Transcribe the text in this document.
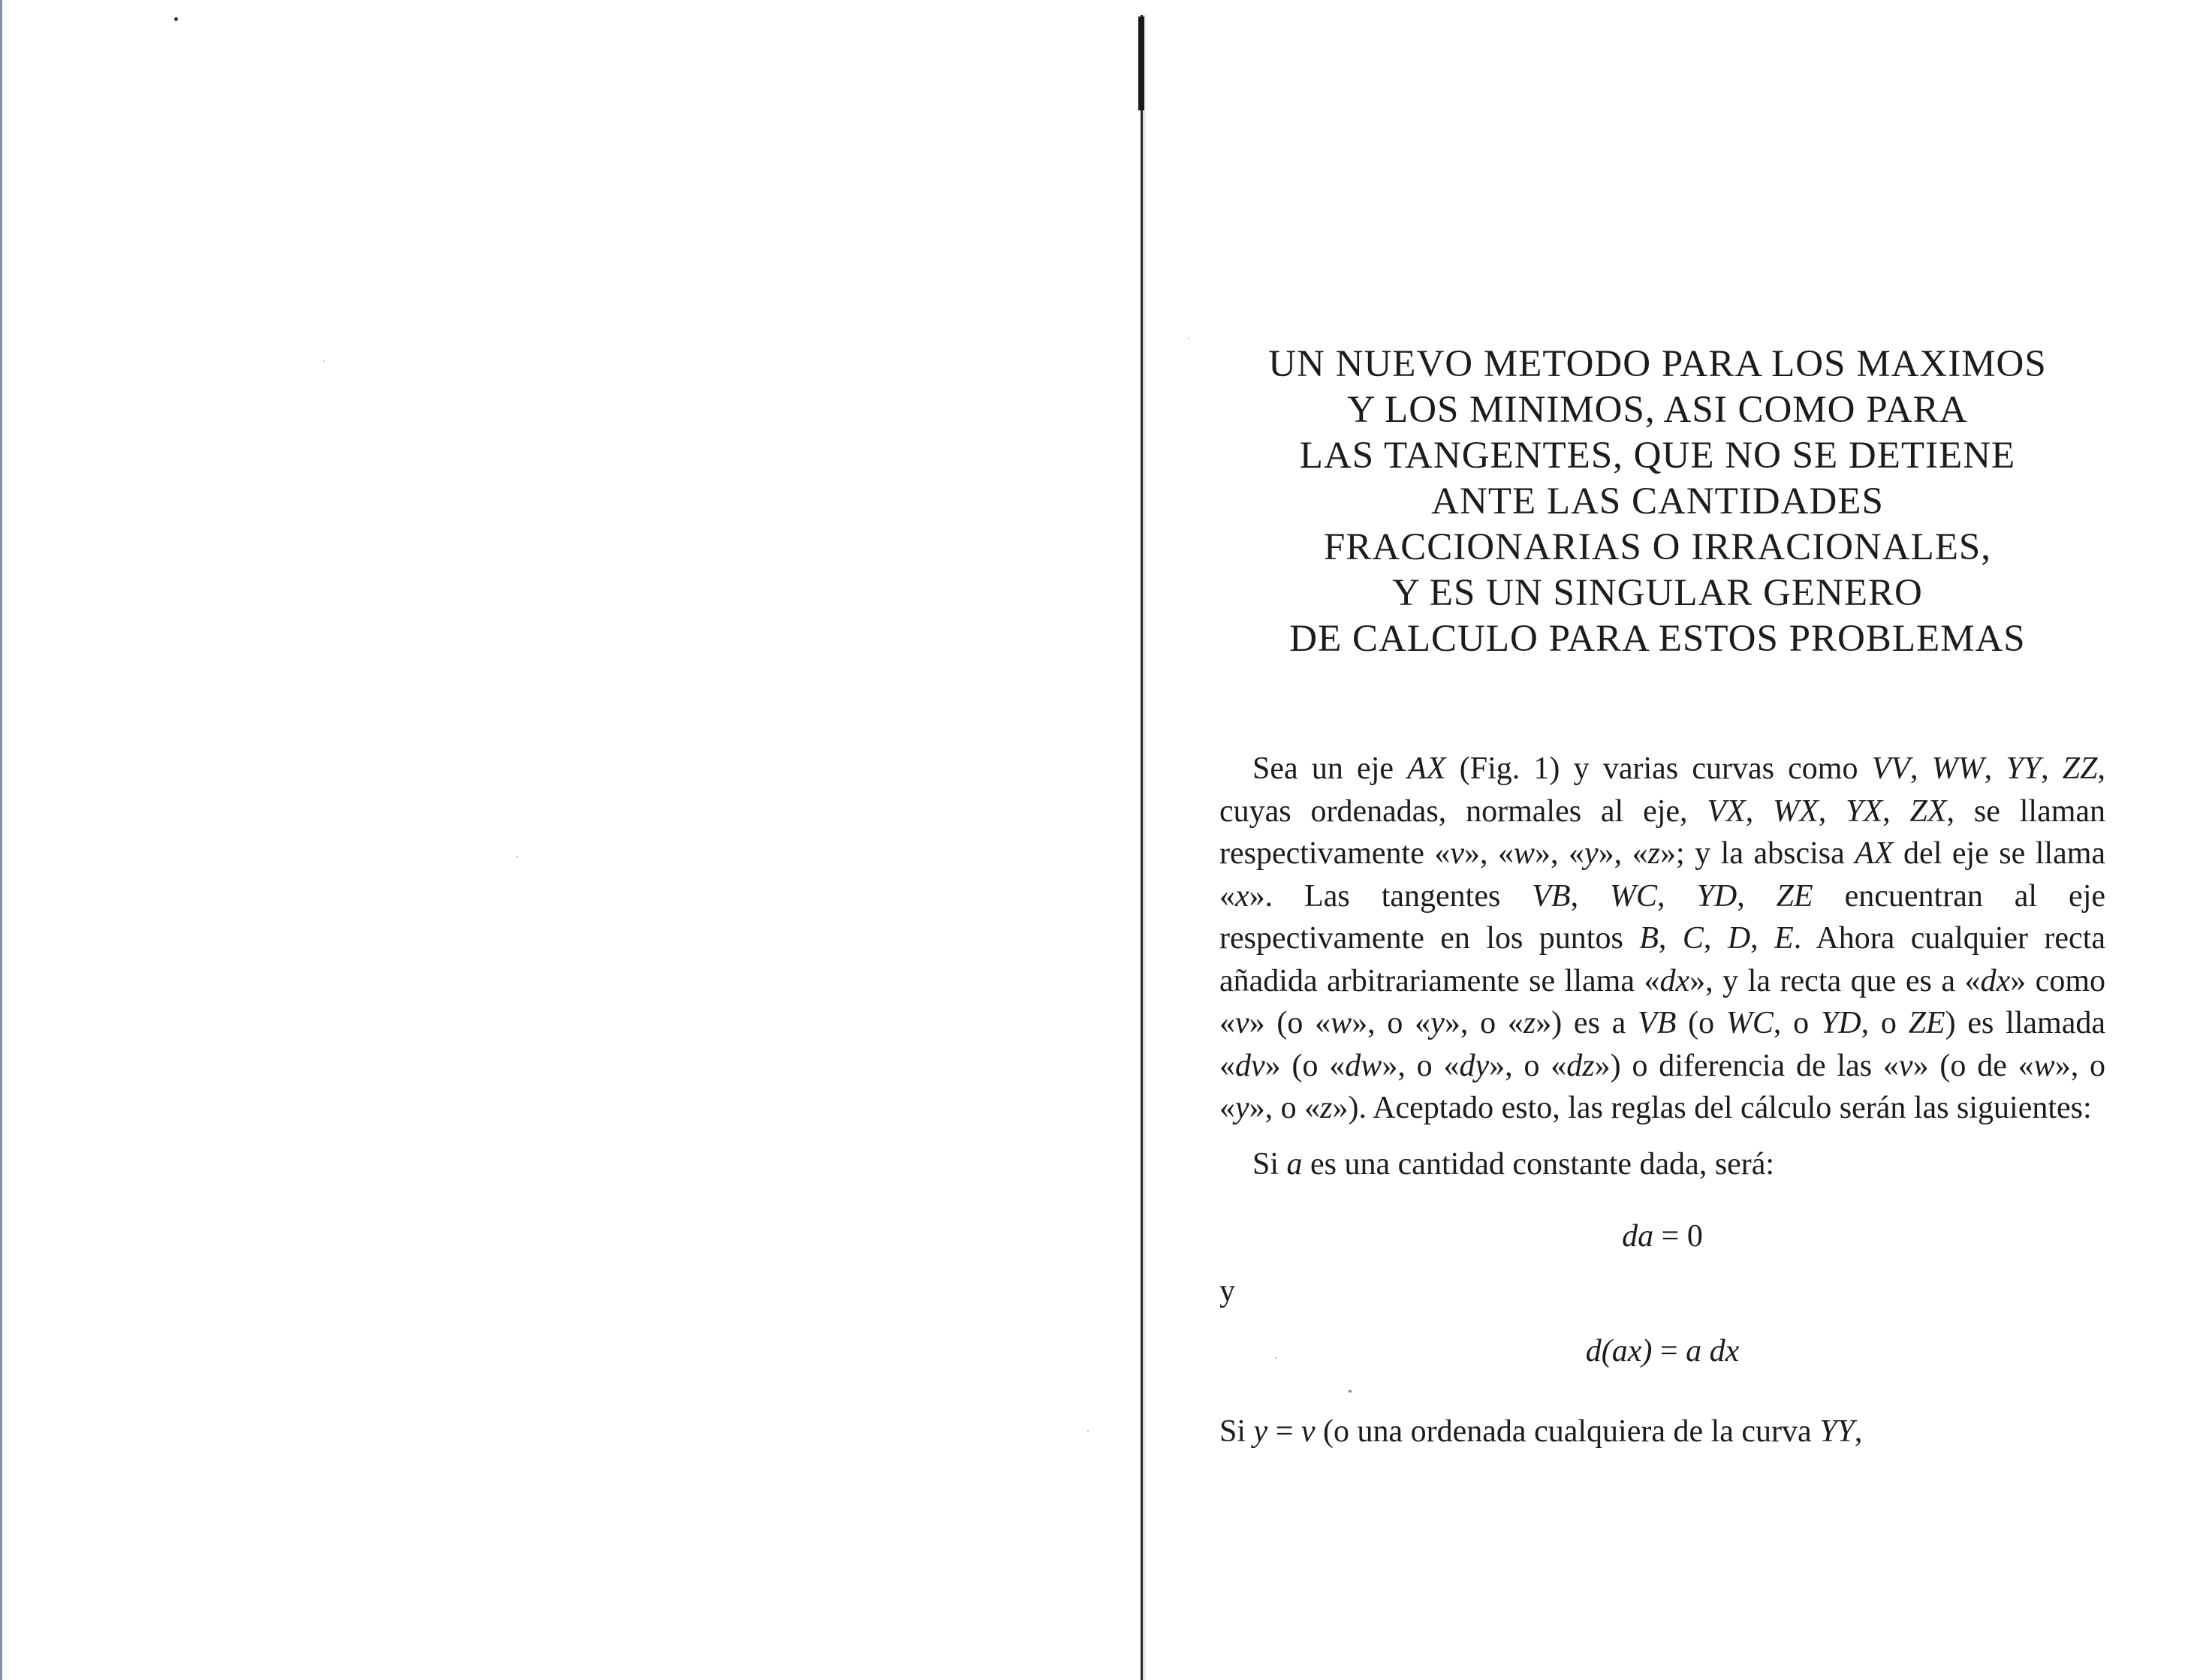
UN NUEVO METODO PARA LOS MAXIMOS
Y LOS MINIMOS, ASI COMO PARA
LAS TANGENTES, QUE NO SE DETIENE
ANTE LAS CANTIDADES
FRACCIONARIAS O IRRACIONALES,
Y ES UN SINGULAR GENERO
DE CALCULO PARA ESTOS PROBLEMAS

Sea un eje AX (Fig. 1) y varias curvas como VV, WW, YY, ZZ, cuyas ordenadas, normales al eje, VX, WX, YX, ZX, se llaman respectivamente «v», «w», «y», «z»; y la abscisa AX del eje se llama «x». Las tangentes VB, WC, YD, ZE encuentran al eje respectivamente en los puntos B, C, D, E. Ahora cualquier recta añadida arbitrariamente se llama «dx», y la recta que es a «dx» como «v» (o «w», o «y», o «z») es a VB (o WC, o YD, o ZE) es llamada «dv» (o «dw», o «dy», o «dz») o diferencia de las «v» (o de «w», o «y», o «z»). Aceptado esto, las reglas del cálculo serán las siguientes:

Si a es una cantidad constante dada, será:

da = 0
y
d(ax) = a dx

Si y = v (o una ordenada cualquiera de la curva YY,
